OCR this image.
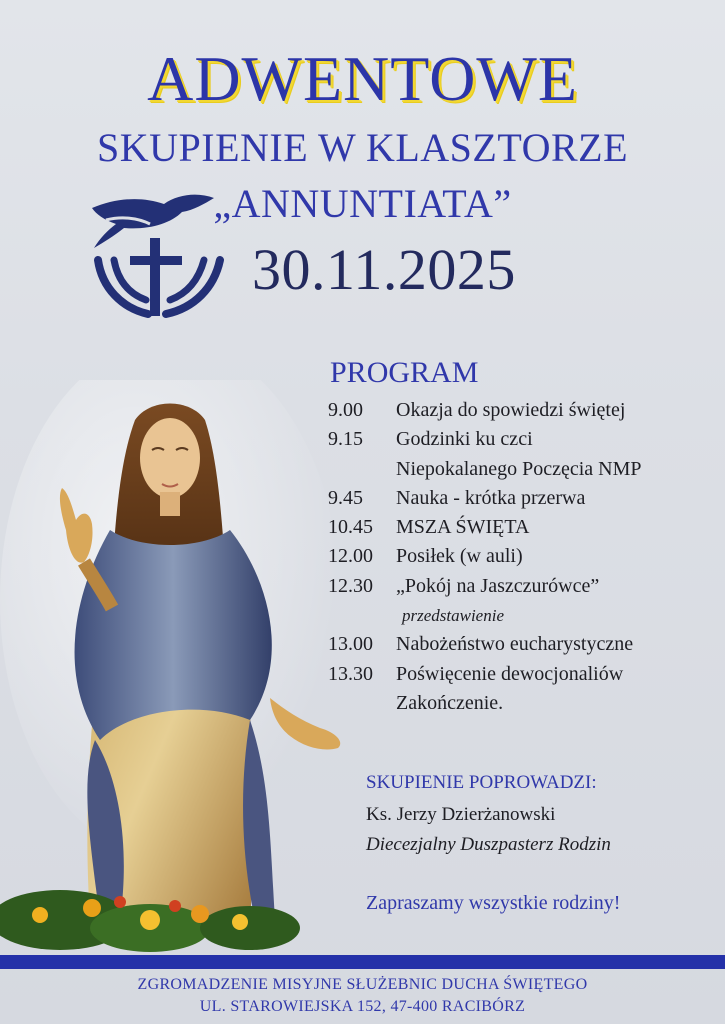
ADWENTOWE
SKUPIENIE W KLASZTORZE
„ANNUNTIATA”
30.11.2025
PROGRAM
9.00	Okazja do spowiedzi świętej
9.15	Godzinki ku czci
Niepokalanego Poczęcia NMP
9.45	Nauka - krótka przerwa
10.45	MSZA ŚWIĘTA
12.00	Posiłek (w auli)
12.30	„Pokój na Jaszczurówce”
przedstawienie
13.00	Nabożeństwo eucharystyczne
13.30	Poświęcenie dewocjonaliów
Zakończenie.
SKUPIENIE POPROWADZI:
Ks. Jerzy Dzierżanowski
Diecezjalny Duszpasterz Rodzin
Zapraszamy wszystkie rodziny!
ZGROMADZENIE MISYJNE SŁUŻEBNIC DUCHA ŚWIĘTEGO
UL. STAROWIEJSKA 152, 47-400 RACIBÓRZ
